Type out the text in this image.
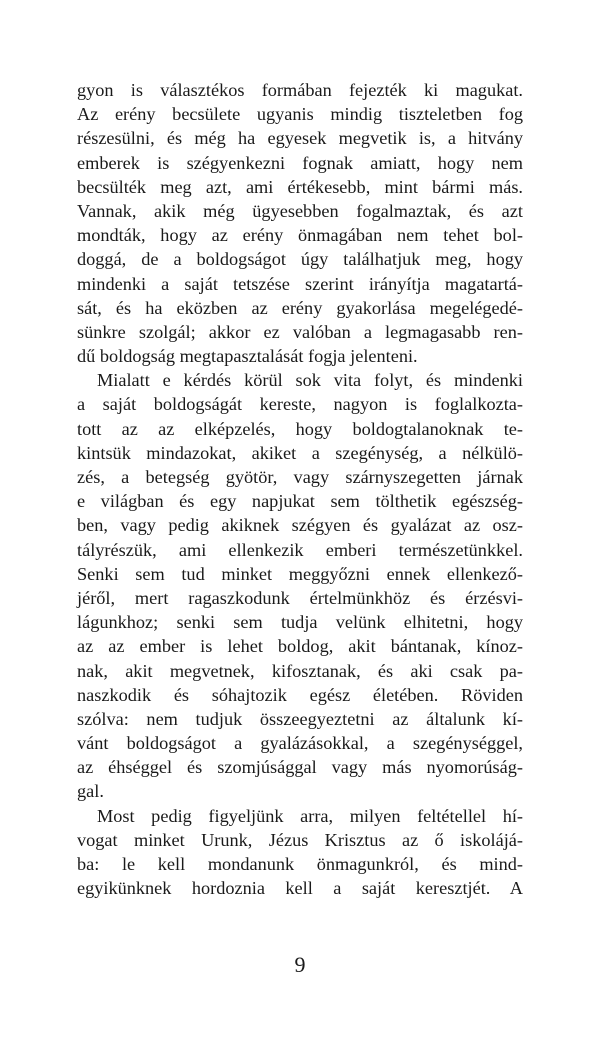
gyon is választékos formában fejezték ki magukat.
Az erény becsülete ugyanis mindig tiszteletben fog
részesülni, és még ha egyesek megvetik is, a hitvány
emberek is szégyenkezni fognak amiatt, hogy nem
becsülték meg azt, ami értékesebb, mint bármi más.
Vannak, akik még ügyesebben fogalmaztak, és azt
mondták, hogy az erény önmagában nem tehet bol-
doggá, de a boldogságot úgy találhatjuk meg, hogy
mindenki a saját tetszése szerint irányítja magatartá-
sát, és ha eközben az erény gyakorlása megelégedé-
sünkre szolgál; akkor ez valóban a legmagasabb ren-
dű boldogság megtapasztalását fogja jelenteni.
Mialatt e kérdés körül sok vita folyt, és mindenki
a saját boldogságát kereste, nagyon is foglalkozta-
tott az az elképzelés, hogy boldogtalanoknak te-
kintsük mindazokat, akiket a szegénység, a nélkülö-
zés, a betegség gyötör, vagy szárnyszegetten járnak
e világban és egy napjukat sem tölthetik egészség-
ben, vagy pedig akiknek szégyen és gyalázat az osz-
tályrészük, ami ellenkezik emberi természetünkkel.
Senki sem tud minket meggyőzni ennek ellenkező-
jéről, mert ragaszkodunk értelmünkhöz és érzésvi-
lágunkhoz; senki sem tudja velünk elhitetni, hogy
az az ember is lehet boldog, akit bántanak, kínoz-
nak, akit megvetnek, kifosztanak, és aki csak pa-
naszkodik és sóhajtozik egész életében. Röviden
szólva: nem tudjuk összeegyeztetni az általunk kí-
vánt boldogságot a gyalázásokkal, a szegénységgel,
az éhséggel és szomjúsággal vagy más nyomorúság-
gal.
Most pedig figyeljünk arra, milyen feltétellel hí-
vogat minket Urunk, Jézus Krisztus az ő iskolájá-
ba: le kell mondanunk önmagunkról, és mind-
egyikünknek hordoznia kell a saját keresztjét. A
9
